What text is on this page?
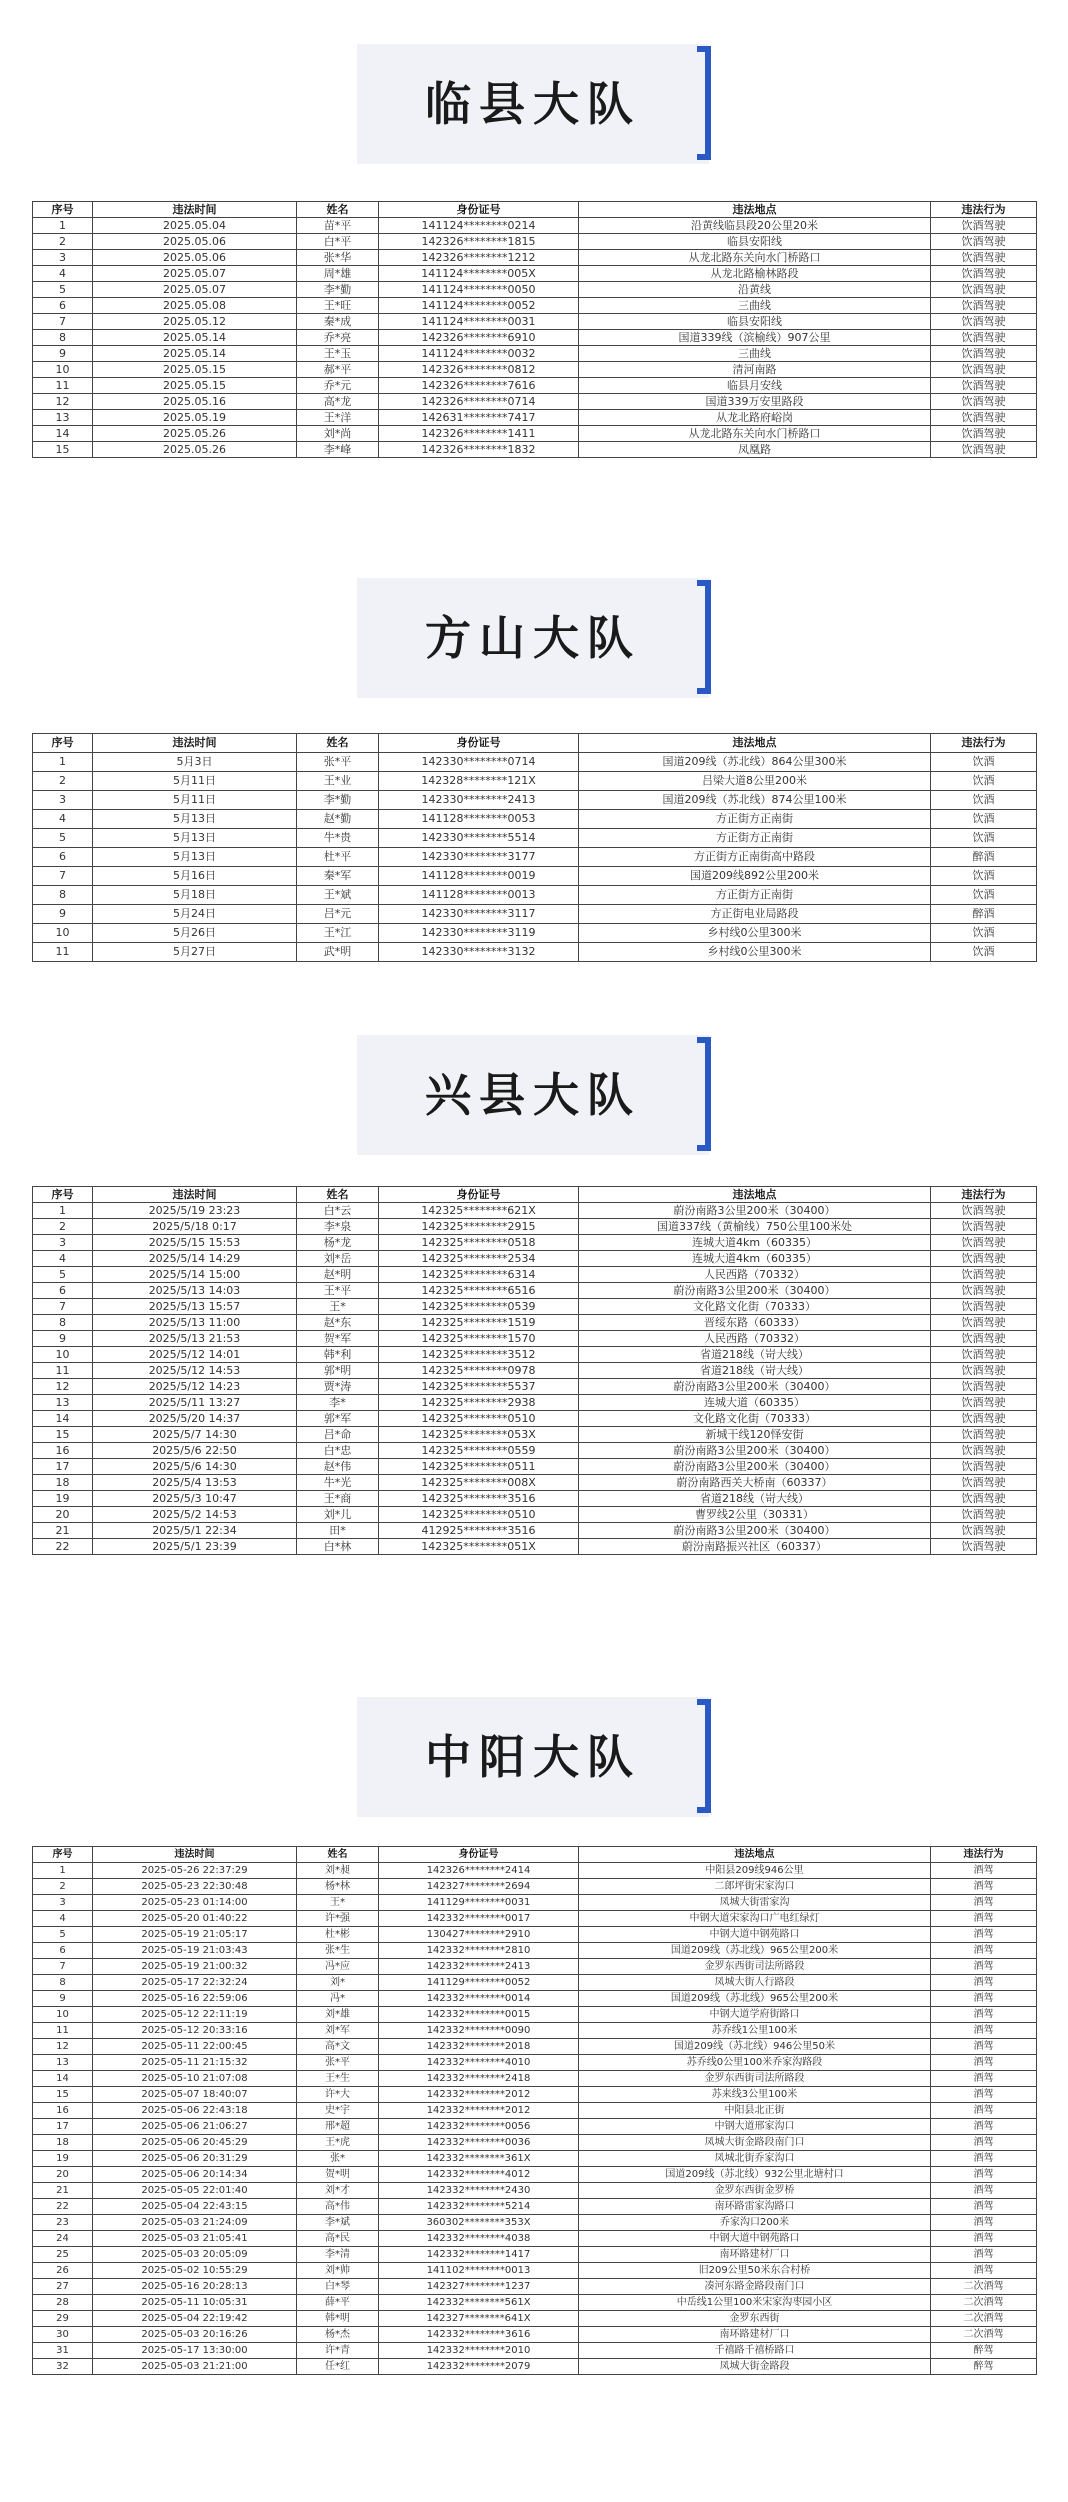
临县大队
序号	违法时间	姓名	身份证号	违法地点	违法行为
1	2025.05.04	苗*平	141124********0214	沿黄线临县段20公里20米	饮酒驾驶
2	2025.05.06	白*平	142326********1815	临县安阳线	饮酒驾驶
3	2025.05.06	张*华	142326********1212	从龙北路东关向水门桥路口	饮酒驾驶
4	2025.05.07	周*雄	141124********005X	从龙北路榆林路段	饮酒驾驶
5	2025.05.07	李*勤	141124********0050	沿黄线	饮酒驾驶
6	2025.05.08	王*旺	141124********0052	三曲线	饮酒驾驶
7	2025.05.12	秦*成	141124********0031	临县安阳线	饮酒驾驶
8	2025.05.14	乔*亮	142326********6910	国道339线（滨榆线）907公里	饮酒驾驶
9	2025.05.14	王*玉	141124********0032	三曲线	饮酒驾驶
10	2025.05.15	郝*平	142326********0812	清河南路	饮酒驾驶
11	2025.05.15	乔*元	142326********7616	临县月安线	饮酒驾驶
12	2025.05.16	高*龙	142326********0714	国道339万安里路段	饮酒驾驶
13	2025.05.19	王*洋	142631********7417	从龙北路府峪岗	饮酒驾驶
14	2025.05.26	刘*尚	142326********1411	从龙北路东关向水门桥路口	饮酒驾驶
15	2025.05.26	李*峰	142326********1832	凤凰路	饮酒驾驶
方山大队
序号	违法时间	姓名	身份证号	违法地点	违法行为
1	5月3日	张*平	142330********0714	国道209线（苏北线）864公里300米	饮酒
2	5月11日	王*业	142328********121X	吕梁大道8公里200米	饮酒
3	5月11日	李*勤	142330********2413	国道209线（苏北线）874公里100米	饮酒
4	5月13日	赵*勤	141128********0053	方正街方正南街	饮酒
5	5月13日	牛*贵	142330********5514	方正街方正南街	饮酒
6	5月13日	杜*平	142330********3177	方正街方正南街高中路段	醉酒
7	5月16日	秦*军	141128********0019	国道209线892公里200米	饮酒
8	5月18日	王*斌	141128********0013	方正街方正南街	饮酒
9	5月24日	吕*元	142330********3117	方正街电业局路段	醉酒
10	5月26日	王*江	142330********3119	乡村线0公里300米	饮酒
11	5月27日	武*明	142330********3132	乡村线0公里300米	饮酒
兴县大队
序号	违法时间	姓名	身份证号	违法地点	违法行为
1	2025/5/19 23:23	白*云	142325********621X	蔚汾南路3公里200米（30400）	饮酒驾驶
2	2025/5/18 0:17	李*泉	142325********2915	国道337线（黄榆线）750公里100米处	饮酒驾驶
3	2025/5/15 15:53	杨*龙	142325********0518	连城大道4km（60335）	饮酒驾驶
4	2025/5/14 14:29	刘*岳	142325********2534	连城大道4km（60335）	饮酒驾驶
5	2025/5/14 15:00	赵*明	142325********6314	人民西路（70332）	饮酒驾驶
6	2025/5/13 14:03	王*平	142325********6516	蔚汾南路3公里200米（30400）	饮酒驾驶
7	2025/5/13 15:57	王*	142325********0539	文化路文化街（70333）	饮酒驾驶
8	2025/5/13 11:00	赵*东	142325********1519	晋绥东路（60333）	饮酒驾驶
9	2025/5/13 21:53	贺*军	142325********1570	人民西路（70332）	饮酒驾驶
10	2025/5/12 14:01	韩*利	142325********3512	省道218线（岢大线）	饮酒驾驶
11	2025/5/12 14:53	郭*明	142325********0978	省道218线（岢大线）	饮酒驾驶
12	2025/5/12 14:23	贾*涛	142325********5537	蔚汾南路3公里200米（30400）	饮酒驾驶
13	2025/5/11 13:27	李*	142325********2938	连城大道（60335）	饮酒驾驶
14	2025/5/20 14:37	郭*军	142325********0510	文化路文化街（70333）	饮酒驾驶
15	2025/5/7 14:30	吕*命	142325********053X	新城干线120怿安街	饮酒驾驶
16	2025/5/6 22:50	白*忠	142325********0559	蔚汾南路3公里200米（30400）	饮酒驾驶
17	2025/5/6 14:30	赵*伟	142325********0511	蔚汾南路3公里200米（30400）	饮酒驾驶
18	2025/5/4 13:53	牛*光	142325********008X	蔚汾南路西关大桥南（60337）	饮酒驾驶
19	2025/5/3 10:47	王*商	142325********3516	省道218线（岢大线）	饮酒驾驶
20	2025/5/2 14:53	刘*儿	142325********0510	曹罗线2公里（30331）	饮酒驾驶
21	2025/5/1 22:34	田*	412925********3516	蔚汾南路3公里200米（30400）	饮酒驾驶
22	2025/5/1 23:39	白*林	142325********051X	蔚汾南路振兴社区（60337）	饮酒驾驶
中阳大队
序号	违法时间	姓名	身份证号	违法地点	违法行为
1	2025-05-26 22:37:29	刘*昶	142326********2414	中阳县209线946公里	酒驾
2	2025-05-23 22:30:48	杨*林	142327********2694	二郎坪街宋家沟口	酒驾
3	2025-05-23 01:14:00	王*	141129********0031	凤城大街雷家沟	酒驾
4	2025-05-20 01:40:22	许*强	142332********0017	中钢大道宋家沟口广电红绿灯	酒驾
5	2025-05-19 21:05:17	杜*彬	130427********2910	中钢大道中钢苑路口	酒驾
6	2025-05-19 21:03:43	张*生	142332********2810	国道209线（苏北线）965公里200米	酒驾
7	2025-05-19 21:00:32	冯*应	142332********2413	金罗东西街司法所路段	酒驾
8	2025-05-17 22:32:24	刘*	141129********0052	凤城大街人行路段	酒驾
9	2025-05-16 22:59:06	冯*	142332********0014	国道209线（苏北线）965公里200米	酒驾
10	2025-05-12 22:11:19	刘*雄	142332********0015	中钢大道学府街路口	酒驾
11	2025-05-12 20:33:16	刘*军	142332********0090	苏乔线1公里100米	酒驾
12	2025-05-11 22:00:45	高*文	142332********2018	国道209线（苏北线）946公里50米	酒驾
13	2025-05-11 21:15:32	张*平	142332********4010	苏乔线0公里100米乔家沟路段	酒驾
14	2025-05-10 21:07:08	王*生	142332********2418	金罗东西街司法所路段	酒驾
15	2025-05-07 18:40:07	许*大	142332********2012	苏来线3公里100米	酒驾
16	2025-05-06 22:43:18	史*宇	142332********2012	中阳县北正街	酒驾
17	2025-05-06 21:06:27	邢*超	142332********0056	中钢大道邢家沟口	酒驾
18	2025-05-06 20:45:29	王*虎	142332********0036	凤城大街金路段南门口	酒驾
19	2025-05-06 20:31:29	张*	142332********361X	凤城北街乔家沟口	酒驾
20	2025-05-06 20:14:34	贺*明	142332********4012	国道209线（苏北线）932公里北塘村口	酒驾
21	2025-05-05 22:01:40	刘*才	142332********2430	金罗东西街金罗桥	酒驾
22	2025-05-04 22:43:15	高*伟	142332********5214	南环路雷家沟路口	酒驾
23	2025-05-03 21:24:09	李*斌	360302********353X	乔家沟口200米	酒驾
24	2025-05-03 21:05:41	高*民	142332********4038	中钢大道中钢苑路口	酒驾
25	2025-05-03 20:05:09	李*清	142332********1417	南环路建材厂口	酒驾
26	2025-05-02 10:55:29	刘*帅	141102********0013	旧209公里50米东合村桥	酒驾
27	2025-05-16 20:28:13	白*琴	142327********1237	凑河东路金路段南门口	二次酒驾
28	2025-05-11 10:05:31	薛*平	142332********561X	中岳线1公里100米宋家沟枣园小区	二次酒驾
29	2025-05-04 22:19:42	韩*明	142327********641X	金罗东西街	二次酒驾
30	2025-05-03 20:16:26	杨*杰	142332********3616	南环路建材厂口	二次酒驾
31	2025-05-17 13:30:00	许*青	142332********2010	千禧路千禧桥路口	醉驾
32	2025-05-03 21:21:00	任*红	142332********2079	凤城大街金路段	醉驾
